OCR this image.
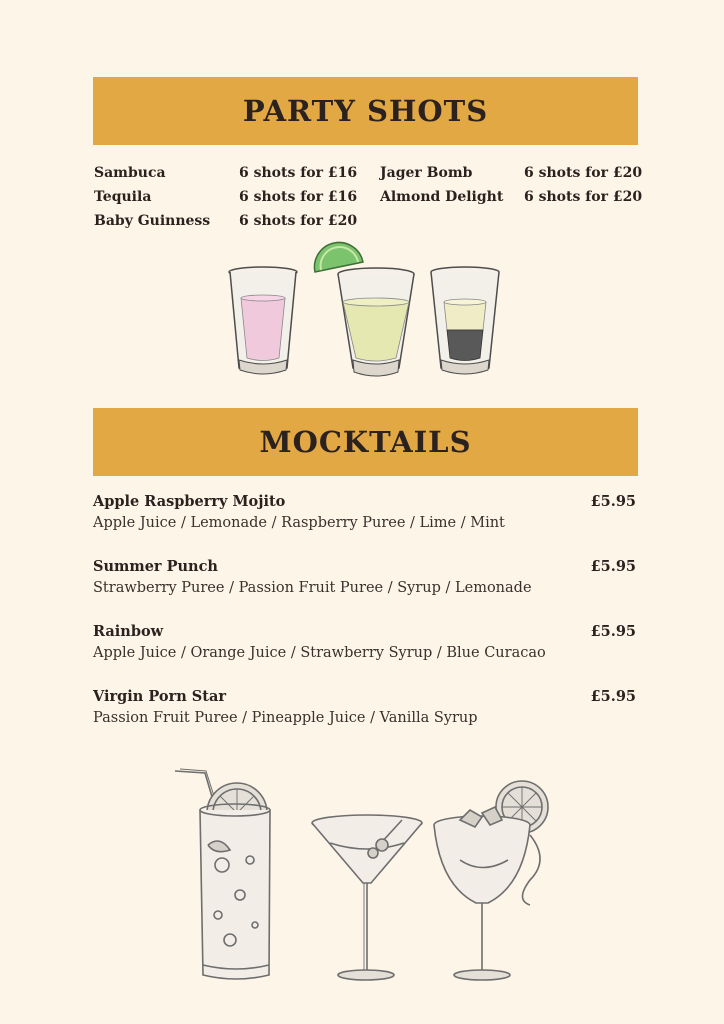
PARTY SHOTS
Sambuca	6 shots for £16
Tequila	6 shots for £16
Baby Guinness 6 shots for £20
Jager Bomb	6 shots for £20
Almond Delight 6 shots for £20
MOCKTAILS
Apple Raspberry Mojito	£5.95
Apple Juice / Lemonade / Raspberry Puree / Lime / Mint
Summer Punch	£5.95
Strawberry Puree / Passion Fruit Puree / Syrup / Lemonade
Rainbow	£5.95
Apple Juice / Orange Juice / Strawberry Syrup / Blue Curacao
Virgin Porn Star	£5.95
Passion Fruit Puree / Pineapple Juice / Vanilla Syrup
